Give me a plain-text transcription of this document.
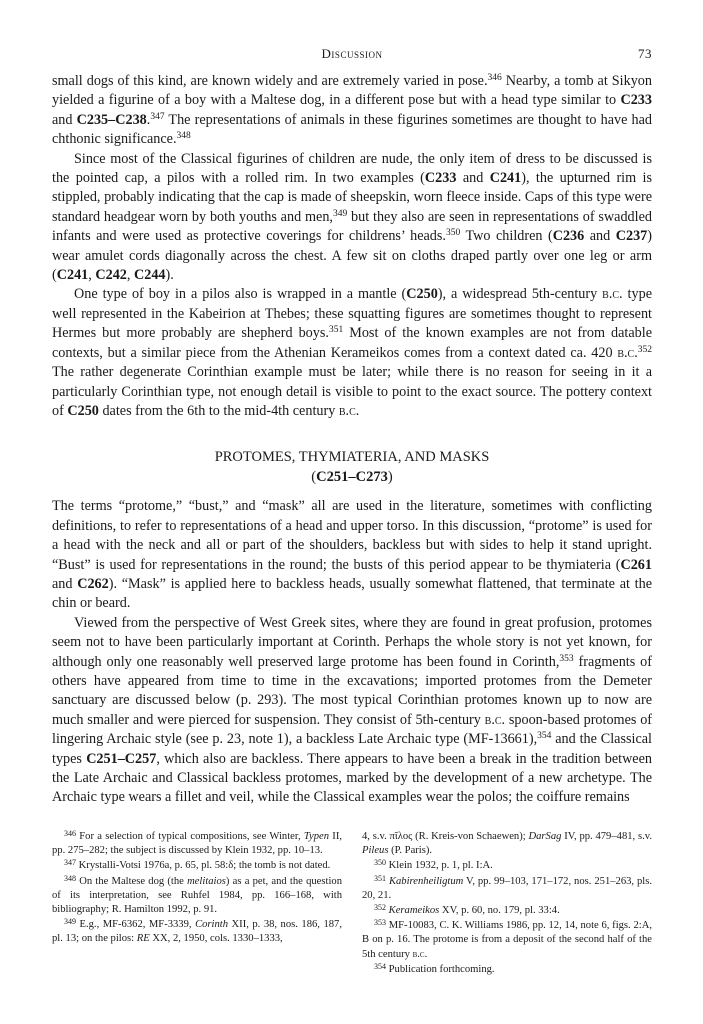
Discussion	73

small dogs of this kind, are known widely and are extremely varied in pose.$^{346}$ Nearby, a tomb at Sikyon yielded a figurine of a boy with a Maltese dog, in a different pose but with a head type similar to C233 and C235–C238.$^{347}$ The representations of animals in these figurines sometimes are thought to have had chthonic significance.$^{348}$

Since most of the Classical figurines of children are nude, the only item of dress to be discussed is the pointed cap, a pilos with a rolled rim. In two examples (C233 and C241), the upturned rim is stippled, probably indicating that the cap is made of sheepskin, worn fleece inside. Caps of this type were standard headgear worn by both youths and men,$^{349}$ but they also are seen in representations of swaddled infants and were used as protective coverings for childrens’ heads.$^{350}$ Two children (C236 and C237) wear amulet cords diagonally across the chest. A few sit on cloths draped partly over one leg or arm (C241, C242, C244).

One type of boy in a pilos also is wrapped in a mantle (C250), a widespread 5th-century b.c. type well represented in the Kabeirion at Thebes; these squatting figures are sometimes thought to represent Hermes but more probably are shepherd boys.$^{351}$ Most of the known examples are not from datable contexts, but a similar piece from the Athenian Kerameikos comes from a context dated ca. 420 b.c.$^{352}$ The rather degenerate Corinthian example must be later; while there is no reason for seeing in it a particularly Corinthian type, not enough detail is visible to point to the exact source. The pottery context of C250 dates from the 6th to the mid-4th century b.c.

PROTOMES, THYMIATERIA, AND MASKS
(C251–C273)

The terms “protome,” “bust,” and “mask” all are used in the literature, sometimes with conflicting definitions, to refer to representations of a head and upper torso. In this discussion, “protome” is used for a head with the neck and all or part of the shoulders, backless but with sides to help it stand upright. “Bust” is used for representations in the round; the busts of this period appear to be thymiateria (C261 and C262). “Mask” is applied here to backless heads, usually somewhat flattened, that terminate at the chin or beard.

Viewed from the perspective of West Greek sites, where they are found in great profusion, protomes seem not to have been particularly important at Corinth. Perhaps the whole story is not yet known, for although only one reasonably well preserved large protome has been found in Corinth,$^{353}$ fragments of others have appeared from time to time in the excavations; imported protomes from the Demeter sanctuary are discussed below (p. 293). The most typical Corinthian protomes known up to now are much smaller and were pierced for suspension. They consist of 5th-century b.c. spoon-based protomes of lingering Archaic style (see p. 23, note 1), a backless Late Archaic type (MF-13661),$^{354}$ and the Classical types C251–C257, which also are backless. There appears to have been a break in the tradition between the Late Archaic and Classical backless protomes, marked by the development of a new archetype. The Archaic type wears a fillet and veil, while the Classical examples wear the polos; the coiffure remains

$^{346}$ For a selection of typical compositions, see Winter, Typen II, pp. 275–282; the subject is discussed by Klein 1932, pp. 10–13.

$^{347}$ Krystalli-Votsi 1976a, p. 65, pl. 58:δ; the tomb is not dated.

$^{348}$ On the Maltese dog (the melitaios) as a pet, and the question of its interpretation, see Ruhfel 1984, pp. 166–168, with bibliography; R. Hamilton 1992, p. 91.

$^{349}$ E.g., MF-6362, MF-3339, Corinth XII, p. 38, nos. 186, 187, pl. 13; on the pilos: RE XX, 2, 1950, cols. 1330–1333,

4, s.v. πῖλος (R. Kreis-von Schaewen); DarSag IV, pp. 479–481, s.v. Pileus (P. Paris).

$^{350}$ Klein 1932, p. 1, pl. I:A.

$^{351}$ Kabirenheiligtum V, pp. 99–103, 171–172, nos. 251–263, pls. 20, 21.

$^{352}$ Kerameikos XV, p. 60, no. 179, pl. 33:4.

$^{353}$ MF-10083, C. K. Williams 1986, pp. 12, 14, note 6, figs. 2:A, B on p. 16. The protome is from a deposit of the second half of the 5th century b.c.

$^{354}$ Publication forthcoming.
